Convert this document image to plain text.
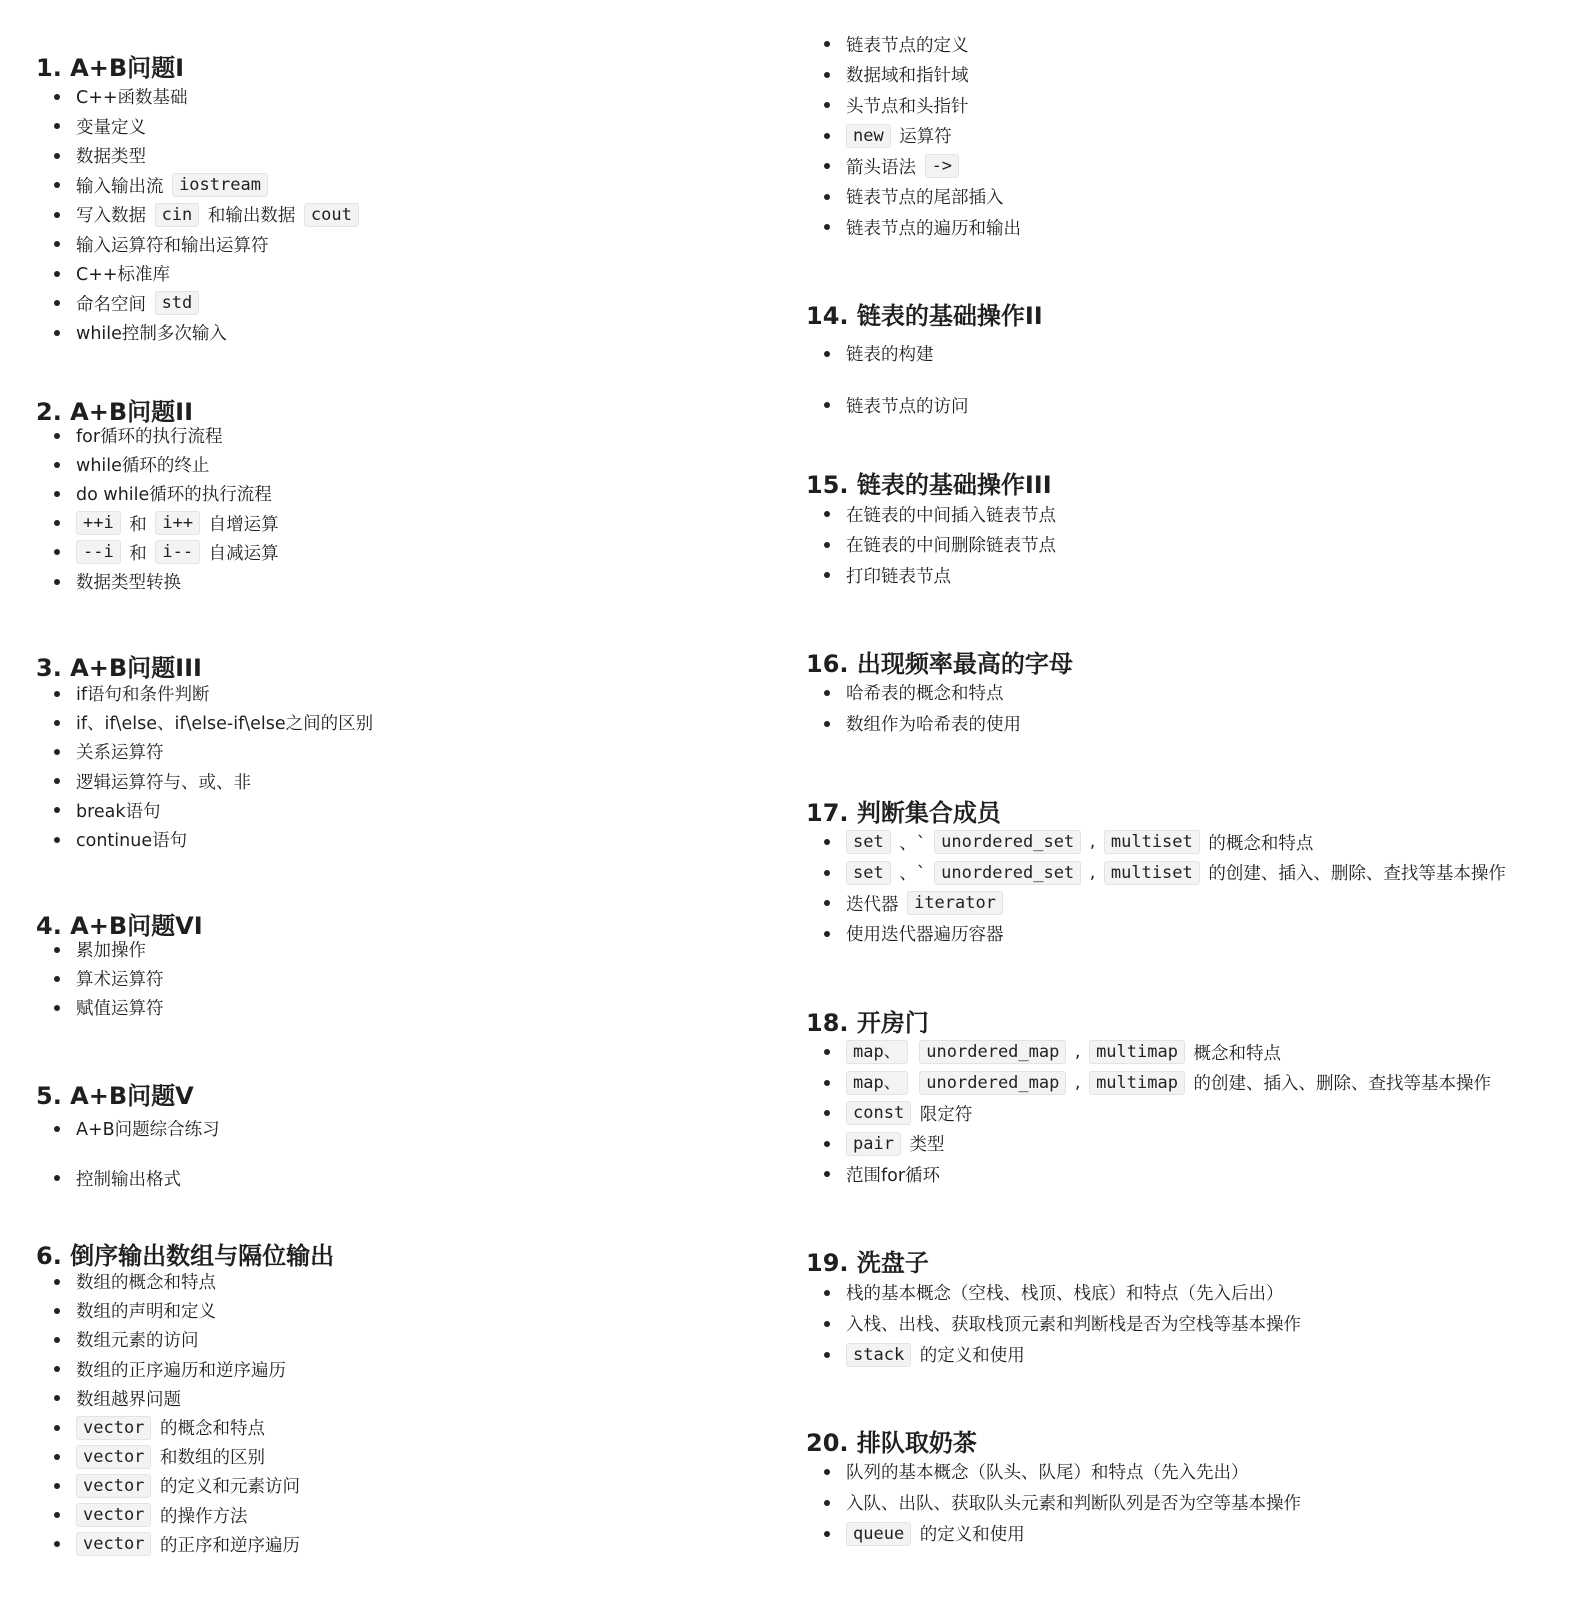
1. A+B问题I
C++函数基础
变量定义
数据类型
输入输出流 iostream
写入数据 cin 和输出数据 cout
输入运算符和输出运算符
C++标准库
命名空间 std
while控制多次输入
2. A+B问题II
for循环的执行流程
while循环的终止
do while循环的执行流程
++i 和 i++ 自增运算
--i 和 i-- 自减运算
数据类型转换
3. A+B问题III
if语句和条件判断
if、if\else、if\else-if\else之间的区别
关系运算符
逻辑运算符与、或、非
break语句
continue语句
4. A+B问题VI
累加操作
算术运算符
赋值运算符
5. A+B问题V
A+B问题综合练习
控制输出格式
6. 倒序输出数组与隔位输出
数组的概念和特点
数组的声明和定义
数组元素的访问
数组的正序遍历和逆序遍历
数组越界问题
vector 的概念和特点
vector 和数组的区别
vector 的定义和元素访问
vector 的操作方法
vector 的正序和逆序遍历
链表节点的定义
数据域和指针域
头节点和头指针
new 运算符
箭头语法 ->
链表节点的尾部插入
链表节点的遍历和输出
14. 链表的基础操作II
链表的构建
链表节点的访问
15. 链表的基础操作III
在链表的中间插入链表节点
在链表的中间删除链表节点
打印链表节点
16. 出现频率最高的字母
哈希表的概念和特点
数组作为哈希表的使用
17. 判断集合成员
set 、` unordered_set , multiset 的概念和特点
set 、` unordered_set , multiset 的创建、插入、删除、查找等基本操作
迭代器 iterator
使用迭代器遍历容器
18. 开房门
map、
	unordered_map , multimap 概念和特点
map、
	unordered_map , multimap 的创建、插入、删除、查找等基本操作
const 限定符
pair 类型
范围for循环
19. 洗盘子
栈的基本概念（空栈、栈顶、栈底）和特点（先入后出）
入栈、出栈、获取栈顶元素和判断栈是否为空栈等基本操作
stack 的定义和使用
20. 排队取奶茶
队列的基本概念（队头、队尾）和特点（先入先出）
入队、出队、获取队头元素和判断队列是否为空等基本操作
queue 的定义和使用
